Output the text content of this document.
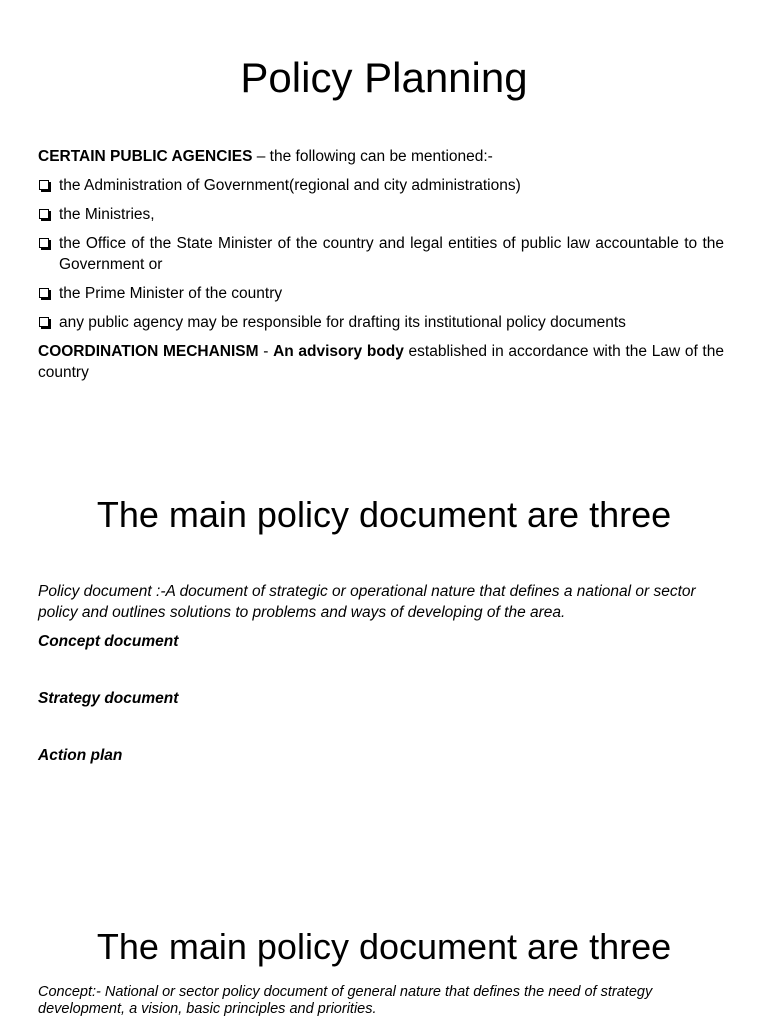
Policy Planning

CERTAIN PUBLIC AGENCIES – the following can be mentioned:-

the Administration of Government(regional and city administrations)
the Ministries,
the Office of the State Minister of the country and legal entities of public law accountable to the Government or
the Prime Minister of the country
any public agency may be responsible for drafting its institutional policy documents

COORDINATION MECHANISM - An advisory body established in accordance with the Law of the country

The main policy document are three

Policy document :-A document of strategic or operational nature that defines a national or sector policy and outlines solutions to problems and ways of developing of the area.

Concept document

Strategy document

Action plan

The main policy document are three

Concept:- National or sector policy document of general nature that defines the need of strategy development, a vision, basic principles and priorities.
